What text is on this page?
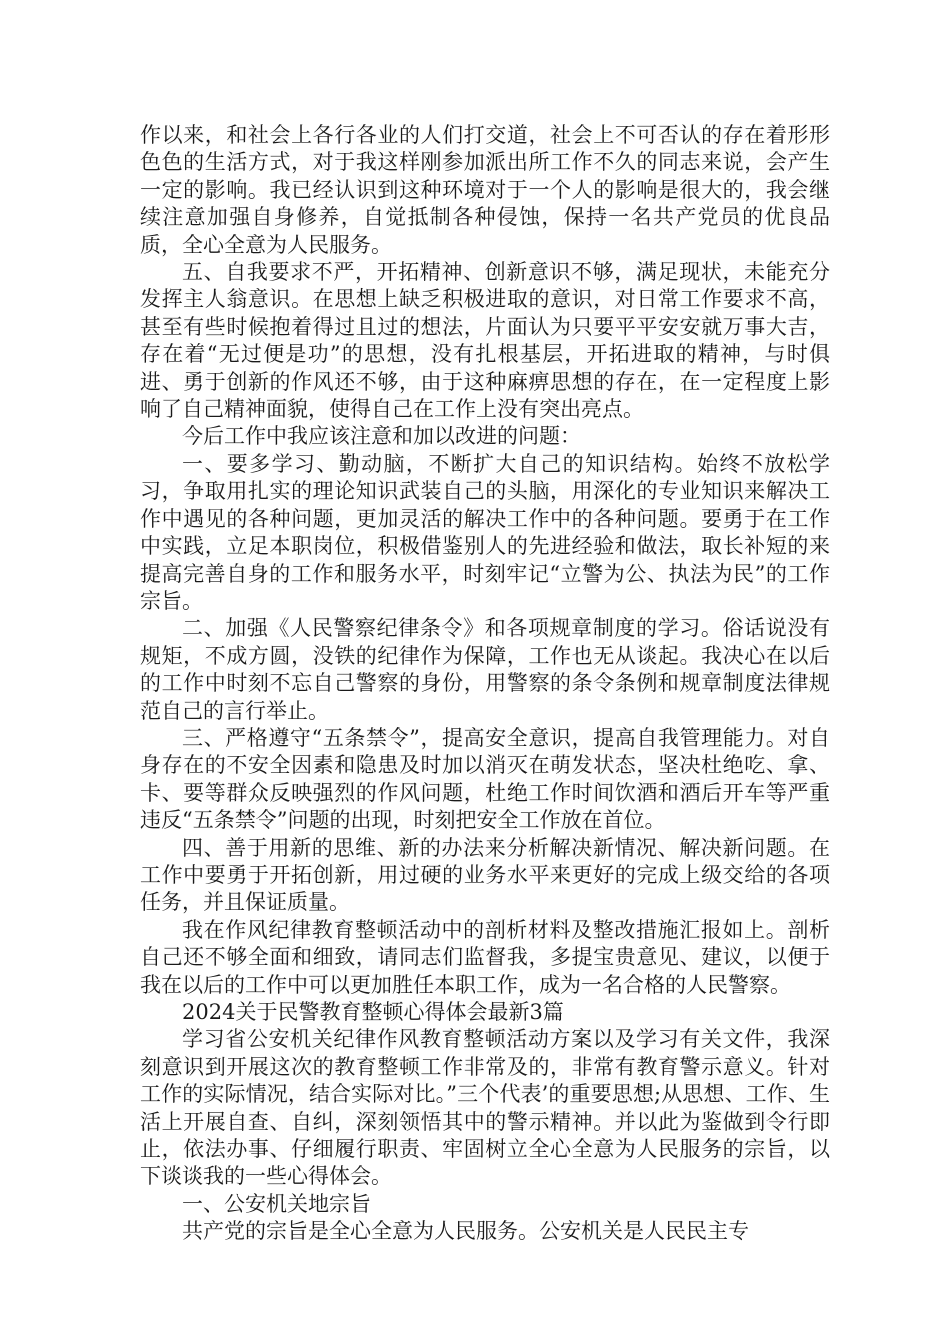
作以来，和社会上各行各业的人们打交道，社会上不可否认的存在着形形色色的生活方式，对于我这样刚参加派出所工作不久的同志来说，会产生一定的影响。我已经认识到这种环境对于一个人的影响是很大的，我会继续注意加强自身修养，自觉抵制各种侵蚀，保持一名共产党员的优良品质，全心全意为人民服务。

五、自我要求不严，开拓精神、创新意识不够，满足现状，未能充分发挥主人翁意识。在思想上缺乏积极进取的意识，对日常工作要求不高，甚至有些时候抱着得过且过的想法，片面认为只要平平安安就万事大吉，存在着“无过便是功”的思想，没有扎根基层，开拓进取的精神，与时俱进、勇于创新的作风还不够，由于这种麻痹思想的存在，在一定程度上影响了自己精神面貌，使得自己在工作上没有突出亮点。

今后工作中我应该注意和加以改进的问题：

一、要多学习、勤动脑，不断扩大自己的知识结构。始终不放松学习，争取用扎实的理论知识武装自己的头脑，用深化的专业知识来解决工作中遇见的各种问题，更加灵活的解决工作中的各种问题。要勇于在工作中实践，立足本职岗位，积极借鉴别人的先进经验和做法，取长补短的来提高完善自身的工作和服务水平，时刻牢记“立警为公、执法为民”的工作宗旨。

二、加强《人民警察纪律条令》和各项规章制度的学习。俗话说没有规矩，不成方圆，没铁的纪律作为保障，工作也无从谈起。我决心在以后的工作中时刻不忘自己警察的身份，用警察的条令条例和规章制度法律规范自己的言行举止。

三、严格遵守“五条禁令”，提高安全意识，提高自我管理能力。对自身存在的不安全因素和隐患及时加以消灭在萌发状态，坚决杜绝吃、拿、卡、要等群众反映强烈的作风问题，杜绝工作时间饮酒和酒后开车等严重违反“五条禁令”问题的出现，时刻把安全工作放在首位。

四、善于用新的思维、新的办法来分析解决新情况、解决新问题。在工作中要勇于开拓创新，用过硬的业务水平来更好的完成上级交给的各项任务，并且保证质量。

我在作风纪律教育整顿活动中的剖析材料及整改措施汇报如上。剖析自己还不够全面和细致，请同志们监督我，多提宝贵意见、建议，以便于我在以后的工作中可以更加胜任本职工作，成为一名合格的人民警察。

2024关于民警教育整顿心得体会最新3篇

学习省公安机关纪律作风教育整顿活动方案以及学习有关文件，我深刻意识到开展这次的教育整顿工作非常及的，非常有教育警示意义。针对工作的实际情况，结合实际对比。”三个代表’的重要思想;从思想、工作、生活上开展自查、自纠，深刻领悟其中的警示精神。并以此为鉴做到令行即止，依法办事、仔细履行职责、牢固树立全心全意为人民服务的宗旨，以下谈谈我的一些心得体会。

一、公安机关地宗旨

共产党的宗旨是全心全意为人民服务。公安机关是人民民主专
